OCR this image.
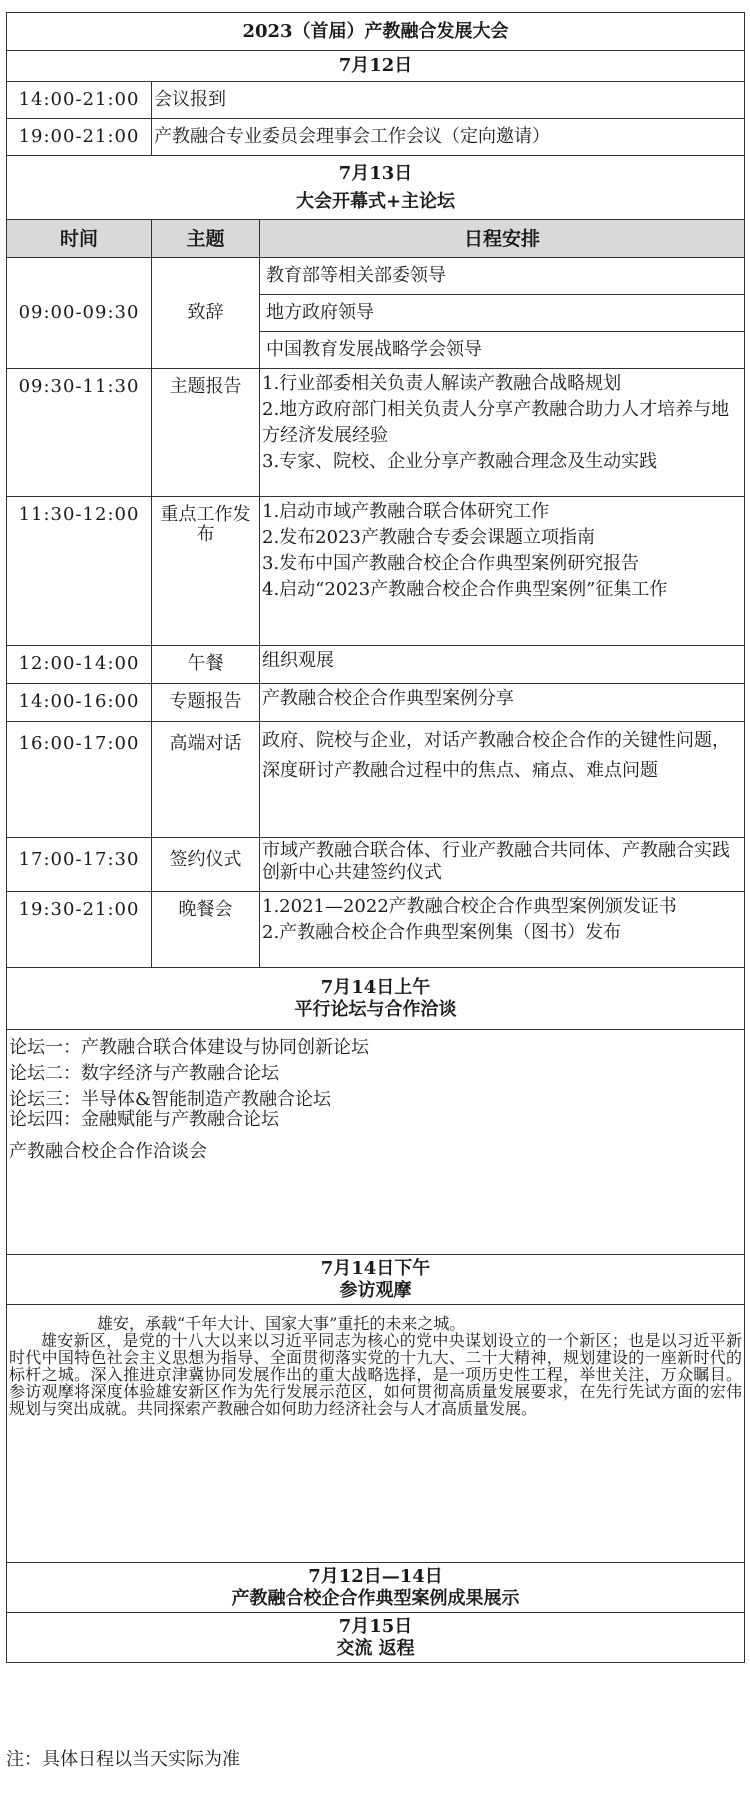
2023（首届）产教融合发展大会		
7月12日		
14:00-21:00	会议报到	
19:00-21:00	产教融合专业委员会理事会工作会议（定向邀请）	

7月13日
大会开幕式+主论坛		

时间	主题	日程安排
09:00-09:30	致辞	教育部等相关部委领导
地方政府领导
中国教育发展战略学会领导

09:30-11:30	主题报告	1.行业部委相关负责人解读产教融合战略规划
2.地方政府部门相关负责人分享产教融合助力人才培养与地方经济发展经验
3.专家、院校、企业分享产教融合理念及生动实践

11:30-12:00	重点工作发布	1.启动市域产教融合联合体研究工作
2.发布2023产教融合专委会课题立项指南
3.发布中国产教融合校企合作典型案例研究报告
4.启动“2023产教融合校企合作典型案例”征集工作

12:00-14:00	午餐	组织观展

14:00-16:00	专题报告	产教融合校企合作典型案例分享

16:00-17:00	高端对话	政府、院校与企业，对话产教融合校企合作的关键性问题，深度研讨产教融合过程中的焦点、痛点、难点问题

17:00-17:30	签约仪式	市域产教融合联合体、行业产教融合共同体、产教融合实践创新中心共建签约仪式

19:30-21:00	晚餐会	1.2021—2022产教融合校企合作典型案例颁发证书
2.产教融合校企合作典型案例集（图书）发布

7月14日上午
平行论坛与合作洽谈		

论坛一：产教融合联合体建设与协同创新论坛
论坛二：数字经济与产教融合论坛
论坛三：半导体&智能制造产教融合论坛
论坛四：金融赋能与产教融合论坛
产教融合校企合作洽谈会		

7月14日下午
参访观摩		

雄安，承载“千年大计、国家大事”重托的未来之城。

雄安新区，是党的十八大以来以习近平同志为核心的党中央谋划设立的一个新区；也是以习近平新时代中国特色社会主义思想为指导、全面贯彻落实党的十九大、二十大精神，规划建设的一座新时代的标杆之城。深入推进京津冀协同发展作出的重大战略选择，是一项历史性工程，举世关注，万众瞩目。参访观摩将深度体验雄安新区作为先行发展示范区，如何贯彻高质量发展要求，在先行先试方面的宏伟规划与突出成就。共同探索产教融合如何助力经济社会与人才高质量发展。		

7月12日—14日
产教融合校企合作典型案例成果展示		

7月15日
交流 返程		
注：具体日程以当天实际为准
